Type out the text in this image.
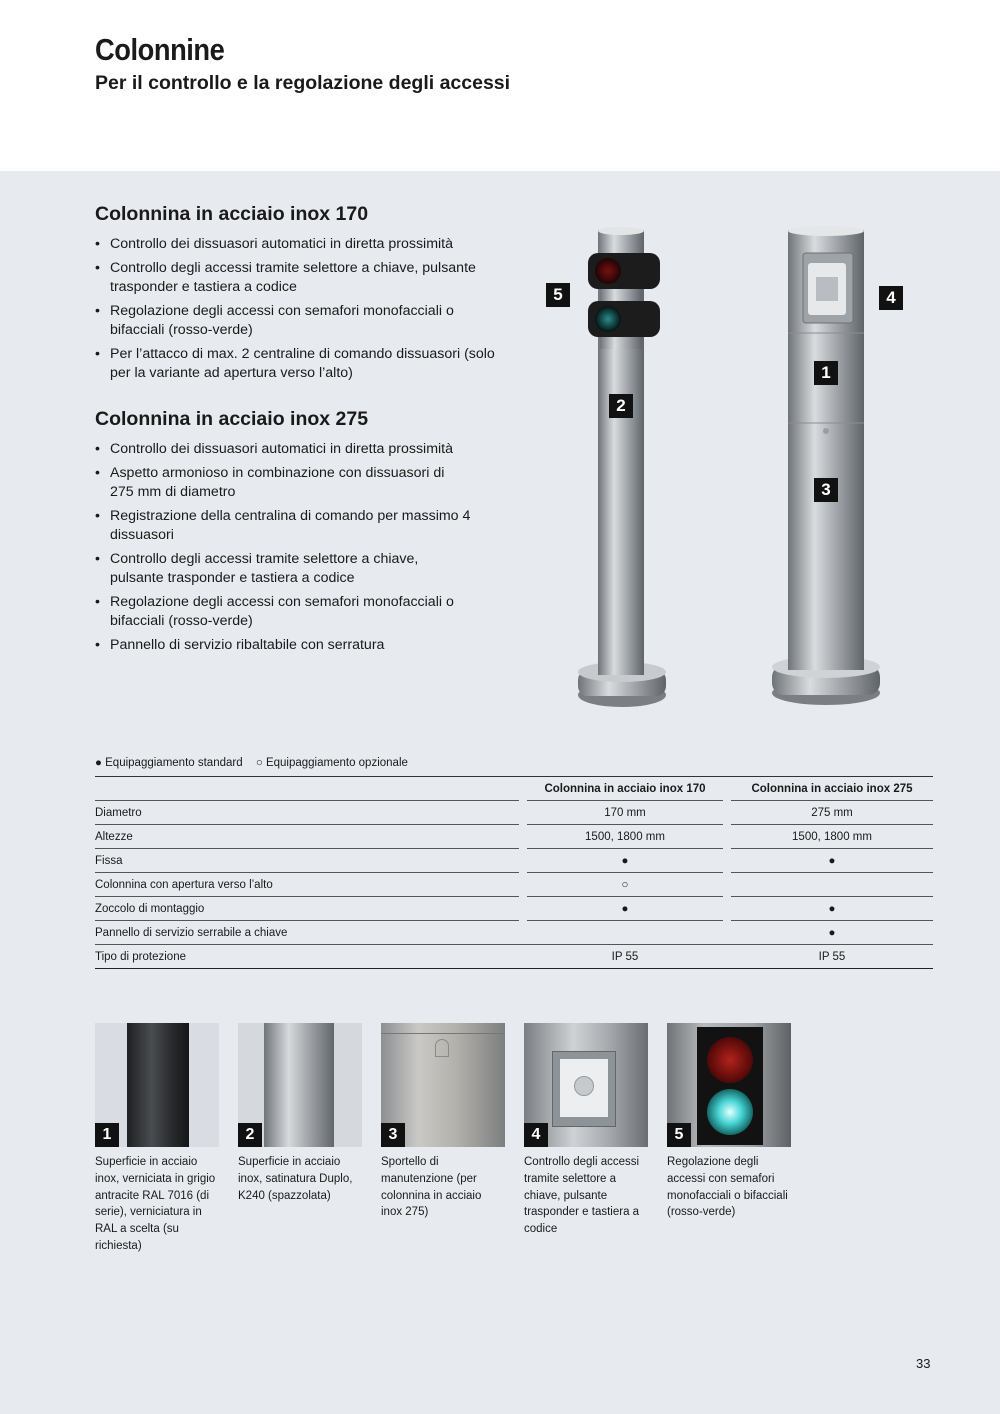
Colonnine
Per il controllo e la regolazione degli accessi
Colonnina in acciaio inox 170
• Controllo dei dissuasori automatici in diretta prossimità
• Controllo degli accessi tramite selettore a chiave, pulsante trasponder e tastiera a codice
• Regolazione degli accessi con semafori monofacciali o bifacciali (rosso-verde)
• Per l’attacco di max. 2 centraline di comando dissuasori (solo per la variante ad apertura verso l’alto)
Colonnina in acciaio inox 275
• Controllo dei dissuasori automatici in diretta prossimità
• Aspetto armonioso in combinazione con dissuasori di 275 mm di diametro
• Registrazione della centralina di comando per massimo 4 dissuasori
• Controllo degli accessi tramite selettore a chiave, pulsante trasponder e tastiera a codice
• Regolazione degli accessi con semafori monofacciali o bifacciali (rosso-verde)
• Pannello di servizio ribaltabile con serratura
5
2
4
1
3
● Equipaggiamento standard ○ Equipaggiamento opzionale
		Colonnina in acciaio inox 170		Colonnina in acciaio inox 275
Diametro		170 mm		275 mm
Altezze		1500, 1800 mm		1500, 1800 mm
Fissa		●		●
Colonnina con apertura verso l’alto		○		
Zoccolo di montaggio		●		●
Pannello di servizio serrabile a chiave				●
Tipo di protezione		IP 55		IP 55
1
Superficie in acciaio inox, verniciata in grigio antracite RAL 7016 (di serie), verniciatura in RAL a scelta (su richiesta)
2
Superficie in acciaio inox, satinatura Duplo, K240 (spazzolata)
3
Sportello di manutenzione (per colonnina in acciaio inox 275)
4
Controllo degli accessi tramite selettore a chiave, pulsante trasponder e tastiera a codice
5
Regolazione degli accessi con semafori monofacciali o bifacciali (rosso-verde)
33
